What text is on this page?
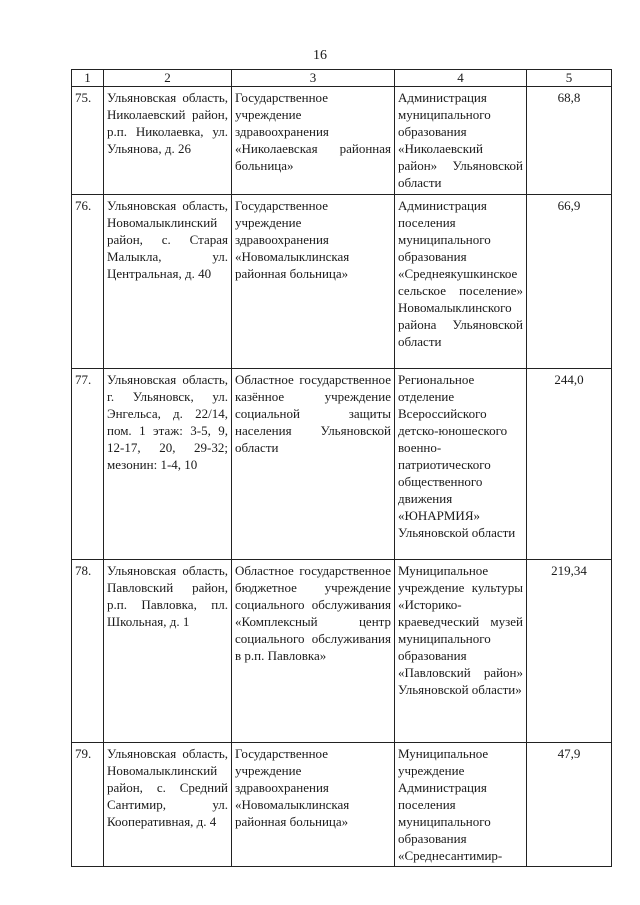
16
1	2	3	4	5
75.	Ульяновская область, Николаевский район, р.п. Николаевка, ул. Ульянова, д. 26	Государственное учреждение здравоохранения «Николаевская районная больница»	Администрация муниципального образования «Николаевский район» Ульяновской области	68,8
76.	Ульяновская область, Новомалыклинский район, с. Старая Малыкла, ул. Центральная, д. 40	Государственное учреждение здравоохранения «Новомалыклинская районная больница»	Администрация поселения муниципального образования «Среднеякушкинское сельское поселение» Новомалыклинского района Ульяновской области	66,9
77.	Ульяновская область, г. Ульяновск, ул. Энгельса, д. 22/14, пом. 1 этаж: 3-5, 9, 12-17, 20, 29-32; мезонин: 1-4, 10	Областное государственное казённое учреждение социальной защиты населения Ульяновской области	Региональное отделение Всероссийского детско-юношеского военно-патриотического общественного движения «ЮНАРМИЯ» Ульяновской области	244,0
78.	Ульяновская область, Павловский район, р.п. Павловка, пл. Школьная, д. 1	Областное государственное бюджетное учреждение социального обслуживания «Комплексный центр социального обслуживания в р.п. Павловка»	Муниципальное учреждение культуры «Историко-краеведческий музей муниципального образования «Павловский район» Ульяновской области»	219,34
79.	Ульяновская область, Новомалыклинский район, с. Средний Сантимир, ул. Кооперативная, д. 4	Государственное учреждение здравоохранения «Новомалыклинская районная больница»	Муниципальное учреждение Администрация поселения муниципального образования «Среднесантимир-	47,9
